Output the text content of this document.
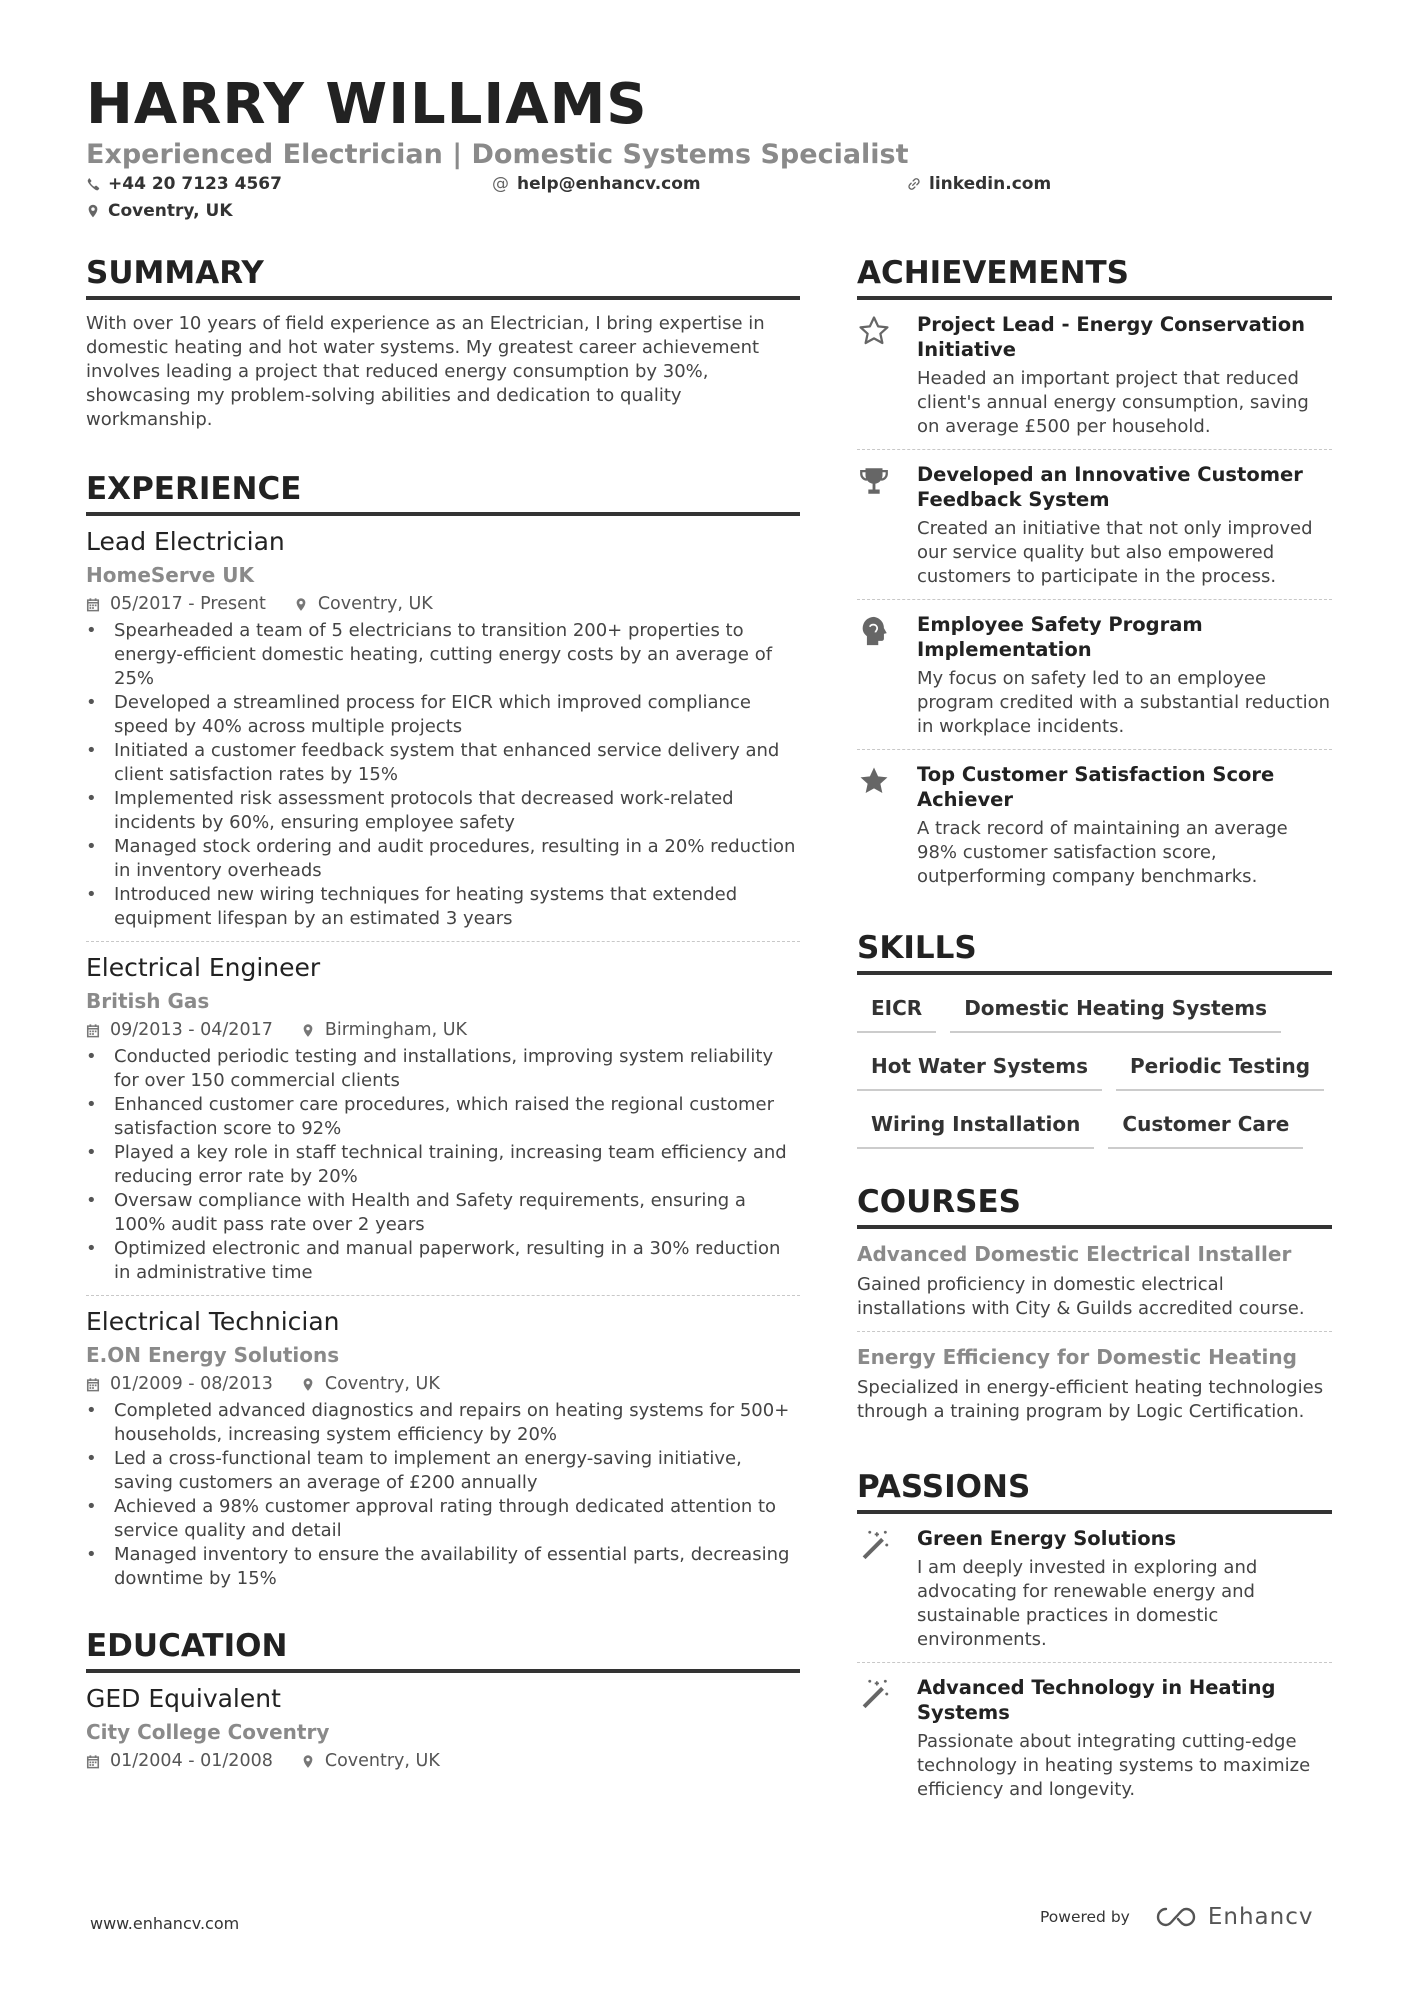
HARRY WILLIAMS
Experienced Electrician | Domestic Systems Specialist
+44 20 7123 4567	@ help@enhancv.com	linkedin.com
Coventry, UK
SUMMARY
With over 10 years of field experience as an Electrician, I bring expertise in domestic heating and hot water systems. My greatest career achievement involves leading a project that reduced energy consumption by 30%, showcasing my problem-solving abilities and dedication to quality workmanship.
EXPERIENCE
Lead Electrician
HomeServe UK
05/2017 - Present	Coventry, UK
• Spearheaded a team of 5 electricians to transition 200+ properties to energy-efficient domestic heating, cutting energy costs by an average of 25%
• Developed a streamlined process for EICR which improved compliance speed by 40% across multiple projects
• Initiated a customer feedback system that enhanced service delivery and client satisfaction rates by 15%
• Implemented risk assessment protocols that decreased work-related incidents by 60%, ensuring employee safety
• Managed stock ordering and audit procedures, resulting in a 20% reduction in inventory overheads
• Introduced new wiring techniques for heating systems that extended equipment lifespan by an estimated 3 years
Electrical Engineer
British Gas
09/2013 - 04/2017	Birmingham, UK
• Conducted periodic testing and installations, improving system reliability for over 150 commercial clients
• Enhanced customer care procedures, which raised the regional customer satisfaction score to 92%
• Played a key role in staff technical training, increasing team efficiency and reducing error rate by 20%
• Oversaw compliance with Health and Safety requirements, ensuring a 100% audit pass rate over 2 years
• Optimized electronic and manual paperwork, resulting in a 30% reduction in administrative time
Electrical Technician
E.ON Energy Solutions
01/2009 - 08/2013	Coventry, UK
• Completed advanced diagnostics and repairs on heating systems for 500+ households, increasing system efficiency by 20%
• Led a cross-functional team to implement an energy-saving initiative, saving customers an average of £200 annually
• Achieved a 98% customer approval rating through dedicated attention to service quality and detail
• Managed inventory to ensure the availability of essential parts, decreasing downtime by 15%
EDUCATION
GED Equivalent
City College Coventry
01/2004 - 01/2008	Coventry, UK
ACHIEVEMENTS
Project Lead - Energy Conservation Initiative
Headed an important project that reduced client's annual energy consumption, saving on average £500 per household.
Developed an Innovative Customer Feedback System
Created an initiative that not only improved our service quality but also empowered customers to participate in the process.
Employee Safety Program Implementation
My focus on safety led to an employee program credited with a substantial reduction in workplace incidents.
Top Customer Satisfaction Score Achiever
A track record of maintaining an average 98% customer satisfaction score, outperforming company benchmarks.
SKILLS
EICR	Domestic Heating Systems
Hot Water Systems	Periodic Testing
Wiring Installation	Customer Care
COURSES
Advanced Domestic Electrical Installer
Gained proficiency in domestic electrical installations with City & Guilds accredited course.
Energy Efficiency for Domestic Heating
Specialized in energy-efficient heating technologies through a training program by Logic Certification.
PASSIONS
Green Energy Solutions
I am deeply invested in exploring and advocating for renewable energy and sustainable practices in domestic environments.
Advanced Technology in Heating Systems
Passionate about integrating cutting-edge technology in heating systems to maximize efficiency and longevity.
www.enhancv.com	Powered by	Enhancv
